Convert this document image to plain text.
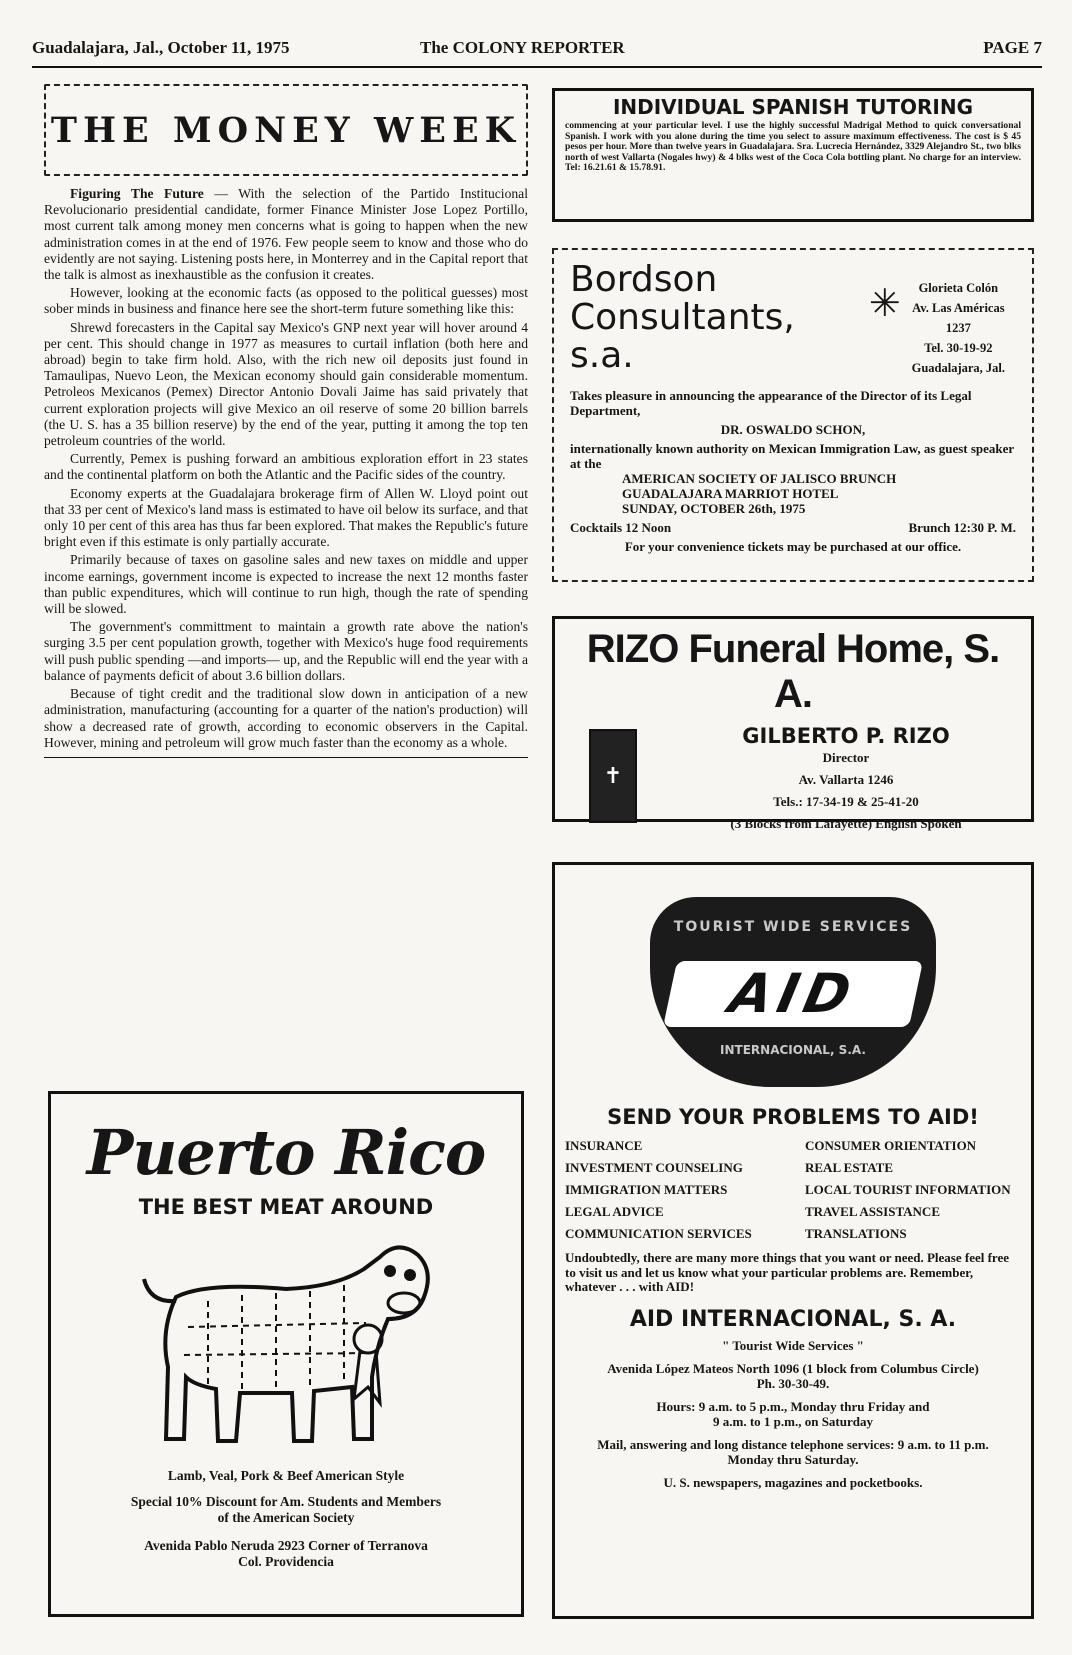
Guadalajara, Jal., October 11, 1975	The COLONY REPORTER	PAGE 7
THE MONEY WEEK

Figuring The Future — With the selection of the Partido Institucional Revolucionario presidential candidate, former Finance Minister Jose Lopez Portillo, most current talk among money men concerns what is going to happen when the new administration comes in at the end of 1976. Few people seem to know and those who do evidently are not saying. Listening posts here, in Monterrey and in the Capital report that the talk is almost as inexhaustible as the confusion it creates.

However, looking at the economic facts (as opposed to the political guesses) most sober minds in business and finance here see the short-term future something like this:

Shrewd forecasters in the Capital say Mexico's GNP next year will hover around 4 per cent. This should change in 1977 as measures to curtail inflation (both here and abroad) begin to take firm hold. Also, with the rich new oil deposits just found in Tamaulipas, Nuevo Leon, the Mexican economy should gain considerable momentum. Petroleos Mexicanos (Pemex) Director Antonio Dovali Jaime has said privately that current exploration projects will give Mexico an oil reserve of some 20 billion barrels (the U. S. has a 35 billion reserve) by the end of the year, putting it among the top ten petroleum countries of the world.

Currently, Pemex is pushing forward an ambitious exploration effort in 23 states and the continental platform on both the Atlantic and the Pacific sides of the country.

Economy experts at the Guadalajara brokerage firm of Allen W. Lloyd point out that 33 per cent of Mexico's land mass is estimated to have oil below its surface, and that only 10 per cent of this area has thus far been explored. That makes the Republic's future bright even if this estimate is only partially accurate.

Primarily because of taxes on gasoline sales and new taxes on middle and upper income earnings, government income is expected to increase the next 12 months faster than public expenditures, which will continue to run high, though the rate of spending will be slowed.

The government's committment to maintain a growth rate above the nation's surging 3.5 per cent population growth, together with Mexico's huge food requirements will push public spending —and imports— up, and the Republic will end the year with a balance of payments deficit of about 3.6 billion dollars.

Because of tight credit and the traditional slow down in anticipation of a new administration, manufacturing (accounting for a quarter of the nation's production) will show a decreased rate of growth, according to economic observers in the Capital. However, mining and petroleum will grow much faster than the economy as a whole.

Puerto Rico
THE BEST MEAT AROUND
Lamb, Veal, Pork & Beef American Style
Special 10% Discount for Am. Students and Members
of the American Society
Avenida Pablo Neruda 2923 Corner of Terranova
Col. Providencia
INDIVIDUAL SPANISH TUTORING

commencing at your particular level. I use the highly successful Madrigal Method to quick conversational Spanish. I work with you alone during the time you select to assure maximum effectiveness. The cost is $ 45 pesos per hour. More than twelve years in Guadalajara. Sra. Lucrecia Hernández, 3329 Alejandro St., two blks north of west Vallarta (Nogales hwy) & 4 blks west of the Coca Cola bottling plant. No charge for an interview. Tel: 16.21.61 & 15.78.91.

Bordson
Consultants, s.a.
✳	Glorieta Colón
Av. Las Américas 1237
Tel. 30-19-92
Guadalajara, Jal.
Takes pleasure in announcing the appearance of the Director of its Legal Department,
DR. OSWALDO SCHON,
internationally known authority on Mexican Immigration Law, as guest speaker at the
AMERICAN SOCIETY OF JALISCO BRUNCH
GUADALAJARA MARRIOT HOTEL
SUNDAY, OCTOBER 26th, 1975
Cocktails 12 Noon	Brunch 12:30 P. M.
For your convenience tickets may be purchased at our office.
RIZO Funeral Home, S. A.
✝
GILBERTO P. RIZO
Director
Av. Vallarta 1246
Tels.: 17-34-19 & 25-41-20
(3 Blocks from Lafayette) English Spoken
TOURIST WIDE SERVICES
AID
INTERNACIONAL, S.A.
SEND YOUR PROBLEMS TO AID!
INSURANCE	CONSUMER ORIENTATION
INVESTMENT COUNSELING	REAL ESTATE
IMMIGRATION MATTERS	LOCAL TOURIST INFORMATION
LEGAL ADVICE	TRAVEL ASSISTANCE
COMMUNICATION SERVICES	TRANSLATIONS
Undoubtedly, there are many more things that you want or need. Please feel free to visit us and let us know what your particular problems are. Remember, whatever . . . with AID!
AID INTERNACIONAL, S. A.
" Tourist Wide Services "
Avenida López Mateos North 1096 (1 block from Columbus Circle) Ph. 30-30-49.
Hours: 9 a.m. to 5 p.m., Monday thru Friday and
9 a.m. to 1 p.m., on Saturday
Mail, answering and long distance telephone services: 9 a.m. to 11 p.m. Monday thru Saturday.
U. S. newspapers, magazines and pocketbooks.
